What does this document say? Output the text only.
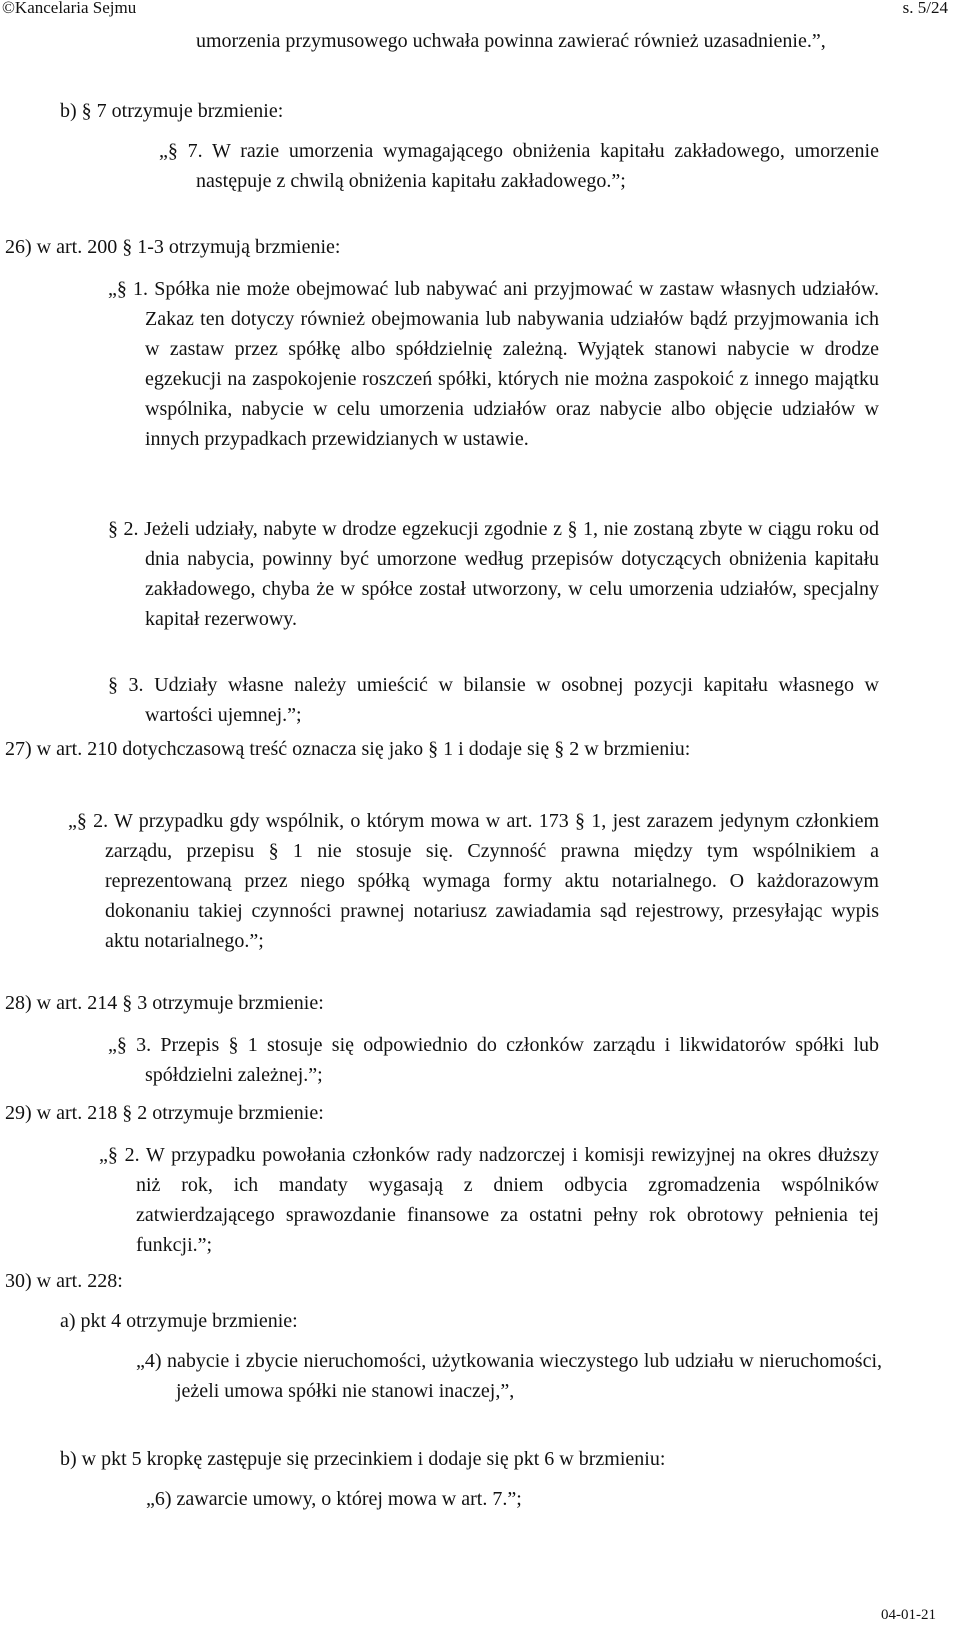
©Kancelaria Sejmu	s. 5/24

umorzenia przymusowego uchwała powinna zawierać również uzasadnienie.”,

b) § 7 otrzymuje brzmienie:

„§ 7. W razie umorzenia wymagającego obniżenia kapitału zakładowego, umorzenie następuje z chwilą obniżenia kapitału zakładowego.”;

26) w art. 200 § 1-3 otrzymują brzmienie:

„§ 1. Spółka nie może obejmować lub nabywać ani przyjmować w zastaw własnych udziałów. Zakaz ten dotyczy również obejmowania lub nabywania udziałów bądź przyjmowania ich w zastaw przez spółkę albo spółdzielnię zależną. Wyjątek stanowi nabycie w drodze egzekucji na zaspokojenie roszczeń spółki, których nie można zaspokoić z innego majątku wspólnika, nabycie w celu umorzenia udziałów oraz nabycie albo objęcie udziałów w innych przypadkach przewidzianych w ustawie.

§ 2. Jeżeli udziały, nabyte w drodze egzekucji zgodnie z § 1, nie zostaną zbyte w ciągu roku od dnia nabycia, powinny być umorzone według przepisów dotyczących obniżenia kapitału zakładowego, chyba że w spółce został utworzony, w celu umorzenia udziałów, specjalny kapitał rezerwowy.

§ 3. Udziały własne należy umieścić w bilansie w osobnej pozycji kapitału własnego w wartości ujemnej.”;

27) w art. 210 dotychczasową treść oznacza się jako § 1 i dodaje się § 2 w brzmieniu:

„§ 2. W przypadku gdy wspólnik, o którym mowa w art. 173 § 1, jest zarazem jedynym członkiem zarządu, przepisu § 1 nie stosuje się. Czynność prawna między tym wspólnikiem a reprezentowaną przez niego spółką wymaga formy aktu notarialnego. O każdorazowym dokonaniu takiej czynności prawnej notariusz zawiadamia sąd rejestrowy, przesyłając wypis aktu notarialnego.”;

28) w art. 214 § 3 otrzymuje brzmienie:

„§ 3. Przepis § 1 stosuje się odpowiednio do członków zarządu i likwidatorów spółki lub spółdzielni zależnej.”;

29) w art. 218 § 2 otrzymuje brzmienie:

„§ 2. W przypadku powołania członków rady nadzorczej i komisji rewizyjnej na okres dłuższy niż rok, ich mandaty wygasają z dniem odbycia zgromadzenia wspólników zatwierdzającego sprawozdanie finansowe za ostatni pełny rok obrotowy pełnienia tej funkcji.”;

30) w art. 228:

a) pkt 4 otrzymuje brzmienie:

„4) nabycie i zbycie nieruchomości, użytkowania wieczystego lub udziału w nieruchomości, jeżeli umowa spółki nie stanowi inaczej,”,

b) w pkt 5 kropkę zastępuje się przecinkiem i dodaje się pkt 6 w brzmieniu:

„6) zawarcie umowy, o której mowa w art. 7.”;

04-01-21
